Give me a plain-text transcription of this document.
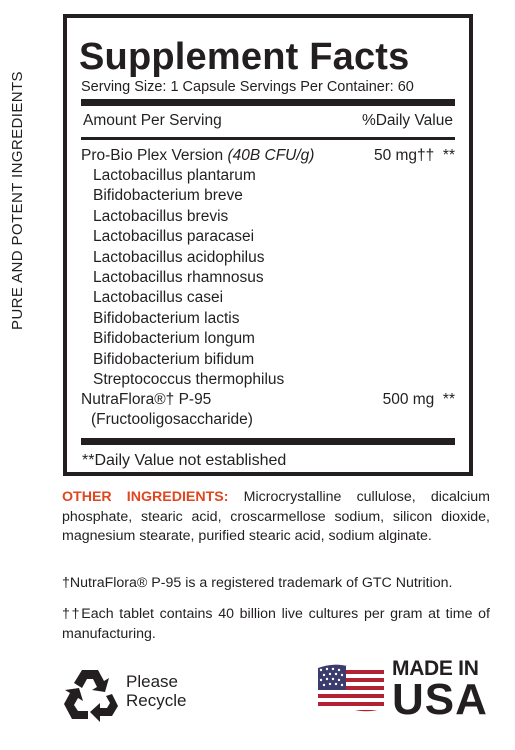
PURE AND POTENT INGREDIENTS
Supplement Facts
Serving Size: 1 Capsule Servings Per Container: 60
Amount Per Serving	%Daily Value
Pro-Bio Plex Version (40B CFU/g)	50 mg†† **
Lactobacillus plantarum
Bifidobacterium breve
Lactobacillus brevis
Lactobacillus paracasei
Lactobacillus acidophilus
Lactobacillus rhamnosus
Lactobacillus casei
Bifidobacterium lactis
Bifidobacterium longum
Bifidobacterium bifidum
Streptococcus thermophilus
NutraFlora®† P-95	500 mg **
(Fructooligosaccharide)
**Daily Value not established
OTHER INGREDIENTS: Microcrystalline cullulose, dicalcium phosphate, stearic acid, croscarmellose sodium, silicon dioxide, magnesium stearate, purified stearic acid, sodium alginate.
†NutraFlora® P-95 is a registered trademark of GTC Nutrition.
††Each tablet contains 40 billion live cultures per gram at time of manufacturing.
Please
Recycle
MADE IN
USA
